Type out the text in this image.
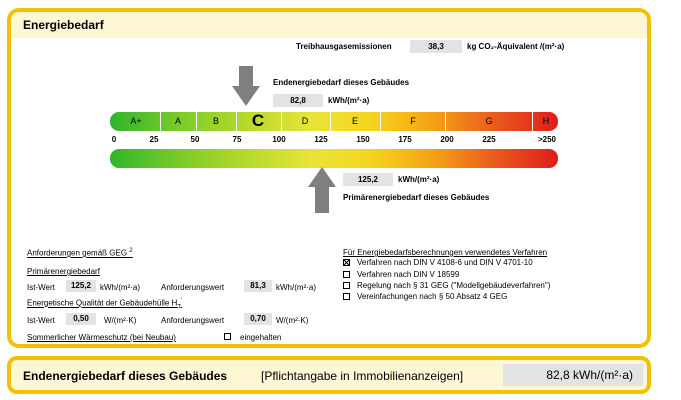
Energiebedarf
Treibhausgasemissionen	38,3	kg CO₂-Äquivalent /(m²·a)
Endenergiebedarf dieses Gebäudes
82,8	kWh/(m²·a)
A+	A	B	C	D	E	F	G	H
0	25	50	75	100	125	150	175	200	225	>250
125,2	kWh/(m²·a)
Primärenergiebedarf dieses Gebäudes
Anforderungen gemäß GEG $^2$
Primärenergiebedarf
Ist-Wert	125,2	kWh/(m²·a)	Anforderungswert	81,3	kWh/(m²·a)
Energetische Qualität der Gebäudehülle $H_T'$
Ist-Wert	0,50	W/(m²·K)	Anforderungswert	0,70	W/(m²·K)
Sommerlicher Wärmeschutz (bei Neubau)	eingehalten
Für Energiebedarfsberechnungen verwendetes Verfahren
Verfahren nach DIN V 4108-6 und DIN V 4701-10
Verfahren nach DIN V 18599
Regelung nach § 31 GEG ("Modellgebäudeverfahren")
Vereinfachungen nach § 50 Absatz 4 GEG
Endenergiebedarf dieses Gebäudes	[Pflichtangabe in Immobilienanzeigen]	82,8 kWh/(m²·a)
